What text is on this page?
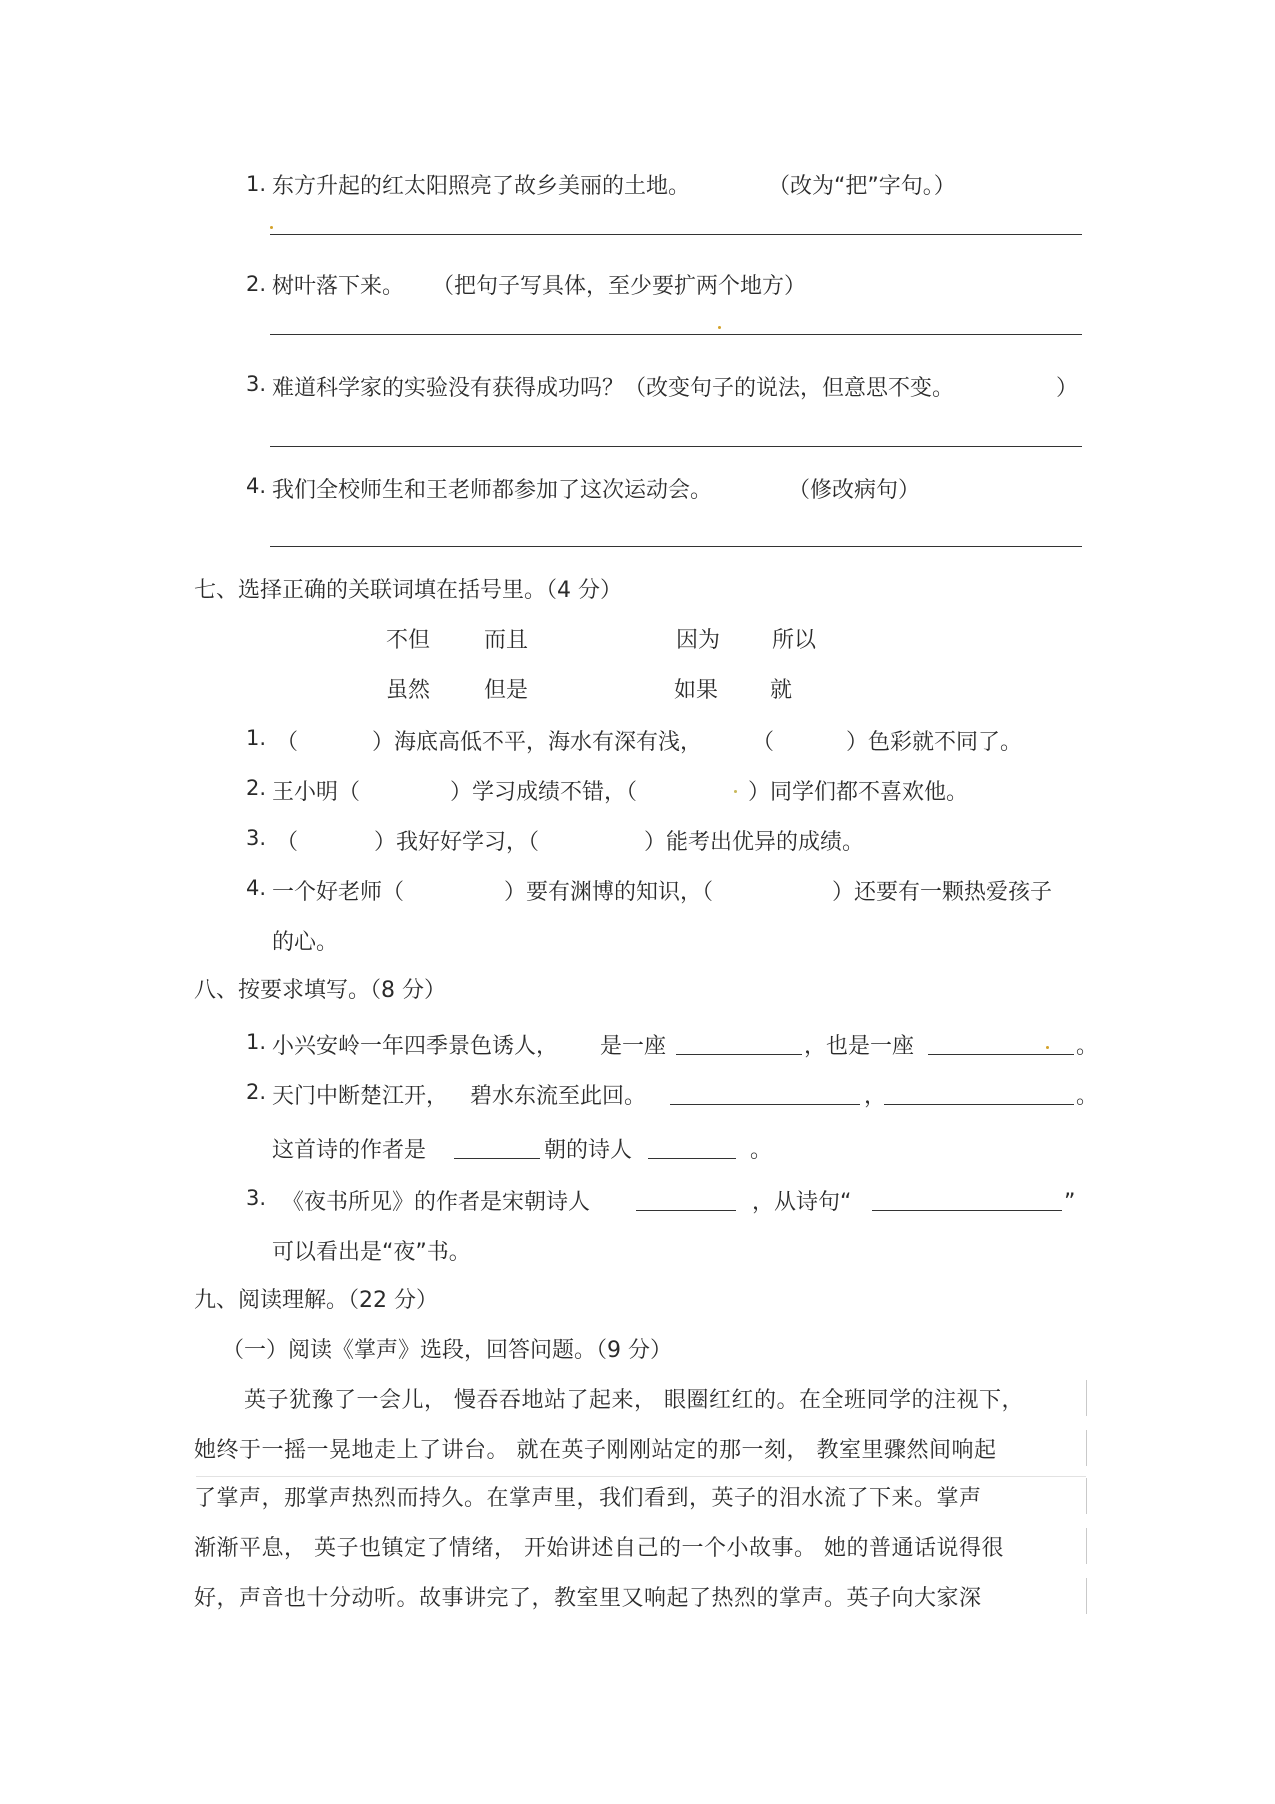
1. 东方升起的红太阳照亮了故乡美丽的土地。	（改为“把”字句。）
2. 树叶落下来。 （把句子写具体，至少要扩两个地方）
3. 难道科学家的实验没有获得成功吗？（改变句子的说法，但意思不变。	）
4. 我们全校师生和王老师都参加了这次运动会。	（修改病句）
七、选择正确的关联词填在括号里。（4 分）
不但 而且	因为 所以
虽然 但是	如果 就
1. （	）海底高低不平，海水有深有浅， （	）色彩就不同了。
2. 王小明（	）学习成绩不错，（	）同学们都不喜欢他。
3. （	）我好好学习，（	）能考出优异的成绩。
4. 一个好老师（	）要有渊博的知识，（	）还要有一颗热爱孩子
的心。
八、按要求填写。（8 分）
1. 小兴安岭一年四季景色诱人， 是一座	，也是一座	。
2. 天门中断楚江开， 碧水东流至此回。	，	。
这首诗的作者是	朝的诗人	。
3. 《夜书所见》的作者是宋朝诗人	，从诗句“	”
可以看出是“夜”书。
九、阅读理解。（22 分）
（一）阅读《掌声》选段，回答问题。（9 分）
英子犹豫了一会儿， 慢吞吞地站了起来， 眼圈红红的。在全班同学的注视下，
她终于一摇一晃地走上了讲台。 就在英子刚刚站定的那一刻， 教室里骤然间响起
了掌声，那掌声热烈而持久。在掌声里，我们看到，英子的泪水流了下来。掌声
渐渐平息， 英子也镇定了情绪， 开始讲述自己的一个小故事。 她的普通话说得很
好，声音也十分动听。故事讲完了，教室里又响起了热烈的掌声。英子向大家深
